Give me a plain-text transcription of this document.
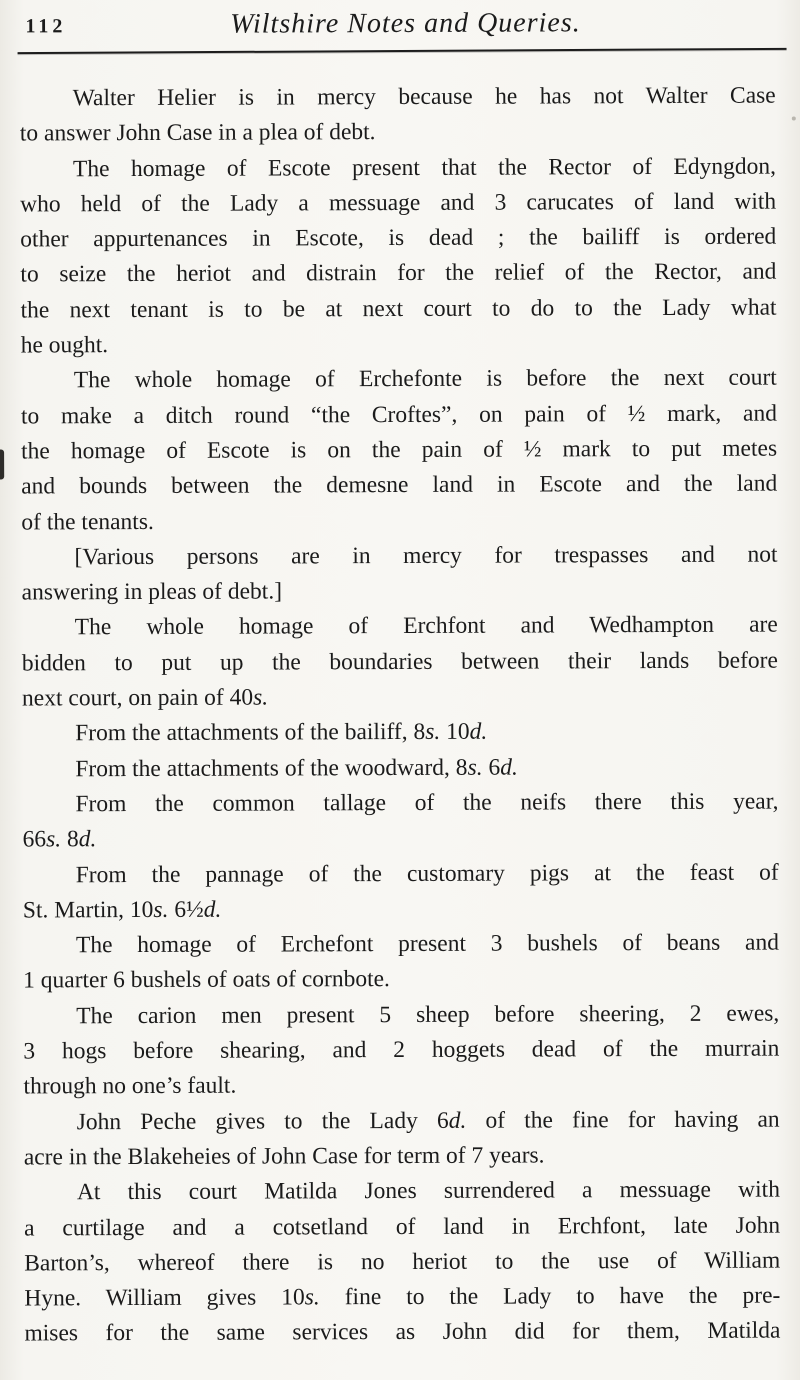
112	Wiltshire Notes and Queries.
Walter Helier is in mercy because he has not Walter Case
to answer John Case in a plea of debt.
The homage of Escote present that the Rector of Edyngdon,
who held of the Lady a messuage and 3 carucates of land with
other appurtenances in Escote, is dead ; the bailiff is ordered
to seize the heriot and distrain for the relief of the Rector, and
the next tenant is to be at next court to do to the Lady what
he ought.
The whole homage of Erchefonte is before the next court
to make a ditch round “the Croftes”, on pain of ½ mark, and
the homage of Escote is on the pain of ½ mark to put metes
and bounds between the demesne land in Escote and the land
of the tenants.
[Various persons are in mercy for trespasses and not
answering in pleas of debt.]
The whole homage of Erchfont and Wedhampton are
bidden to put up the boundaries between their lands before
next court, on pain of 40s.
From the attachments of the bailiff, 8s. 10d.
From the attachments of the woodward, 8s. 6d.
From the common tallage of the neifs there this year,
66s. 8d.
From the pannage of the customary pigs at the feast of
St. Martin, 10s. 6½d.
The homage of Erchefont present 3 bushels of beans and
1 quarter 6 bushels of oats of cornbote.
The carion men present 5 sheep before sheering, 2 ewes,
3 hogs before shearing, and 2 hoggets dead of the murrain
through no one’s fault.
John Peche gives to the Lady 6d. of the fine for having an
acre in the Blakeheies of John Case for term of 7 years.
At this court Matilda Jones surrendered a messuage with
a curtilage and a cotsetland of land in Erchfont, late John
Barton’s, whereof there is no heriot to the use of William
Hyne. William gives 10s. fine to the Lady to have the pre-
mises for the same services as John did for them, Matilda
